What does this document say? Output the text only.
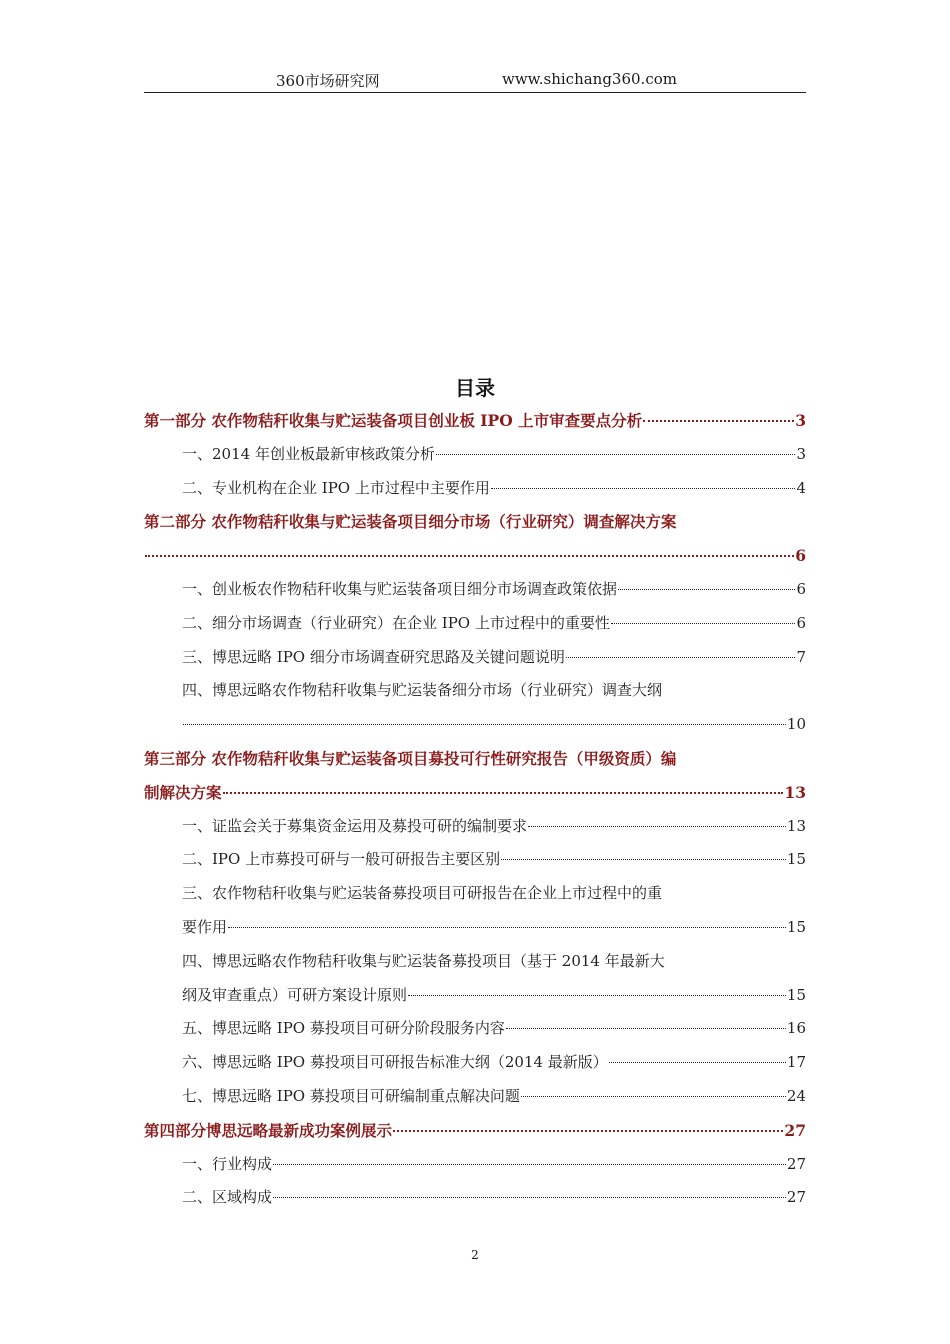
360市场研究网	www.shichang360.com
目录
第一部分 农作物秸秆收集与贮运装备项目创业板 IPO 上市审查要点分析	3
一、2014 年创业板最新审核政策分析	3
二、专业机构在企业 IPO 上市过程中主要作用	4
第二部分 农作物秸秆收集与贮运装备项目细分市场（行业研究）调查解决方案
6
一、创业板农作物秸秆收集与贮运装备项目细分市场调查政策依据	6
二、细分市场调查（行业研究）在企业 IPO 上市过程中的重要性	6
三、博思远略 IPO 细分市场调查研究思路及关键问题说明	7
四、博思远略农作物秸秆收集与贮运装备细分市场（行业研究）调查大纲
10
第三部分 农作物秸秆收集与贮运装备项目募投可行性研究报告（甲级资质）编
制解决方案	13
一、证监会关于募集资金运用及募投可研的编制要求	13
二、IPO 上市募投可研与一般可研报告主要区别	15
三、农作物秸秆收集与贮运装备募投项目可研报告在企业上市过程中的重
要作用	15
四、博思远略农作物秸秆收集与贮运装备募投项目（基于 2014 年最新大
纲及审查重点）可研方案设计原则	15
五、博思远略 IPO 募投项目可研分阶段服务内容	16
六、博思远略 IPO 募投项目可研报告标准大纲（2014 最新版）	17
七、博思远略 IPO 募投项目可研编制重点解决问题	24
第四部分博思远略最新成功案例展示	27
一、行业构成	27
二、区域构成	27
2
